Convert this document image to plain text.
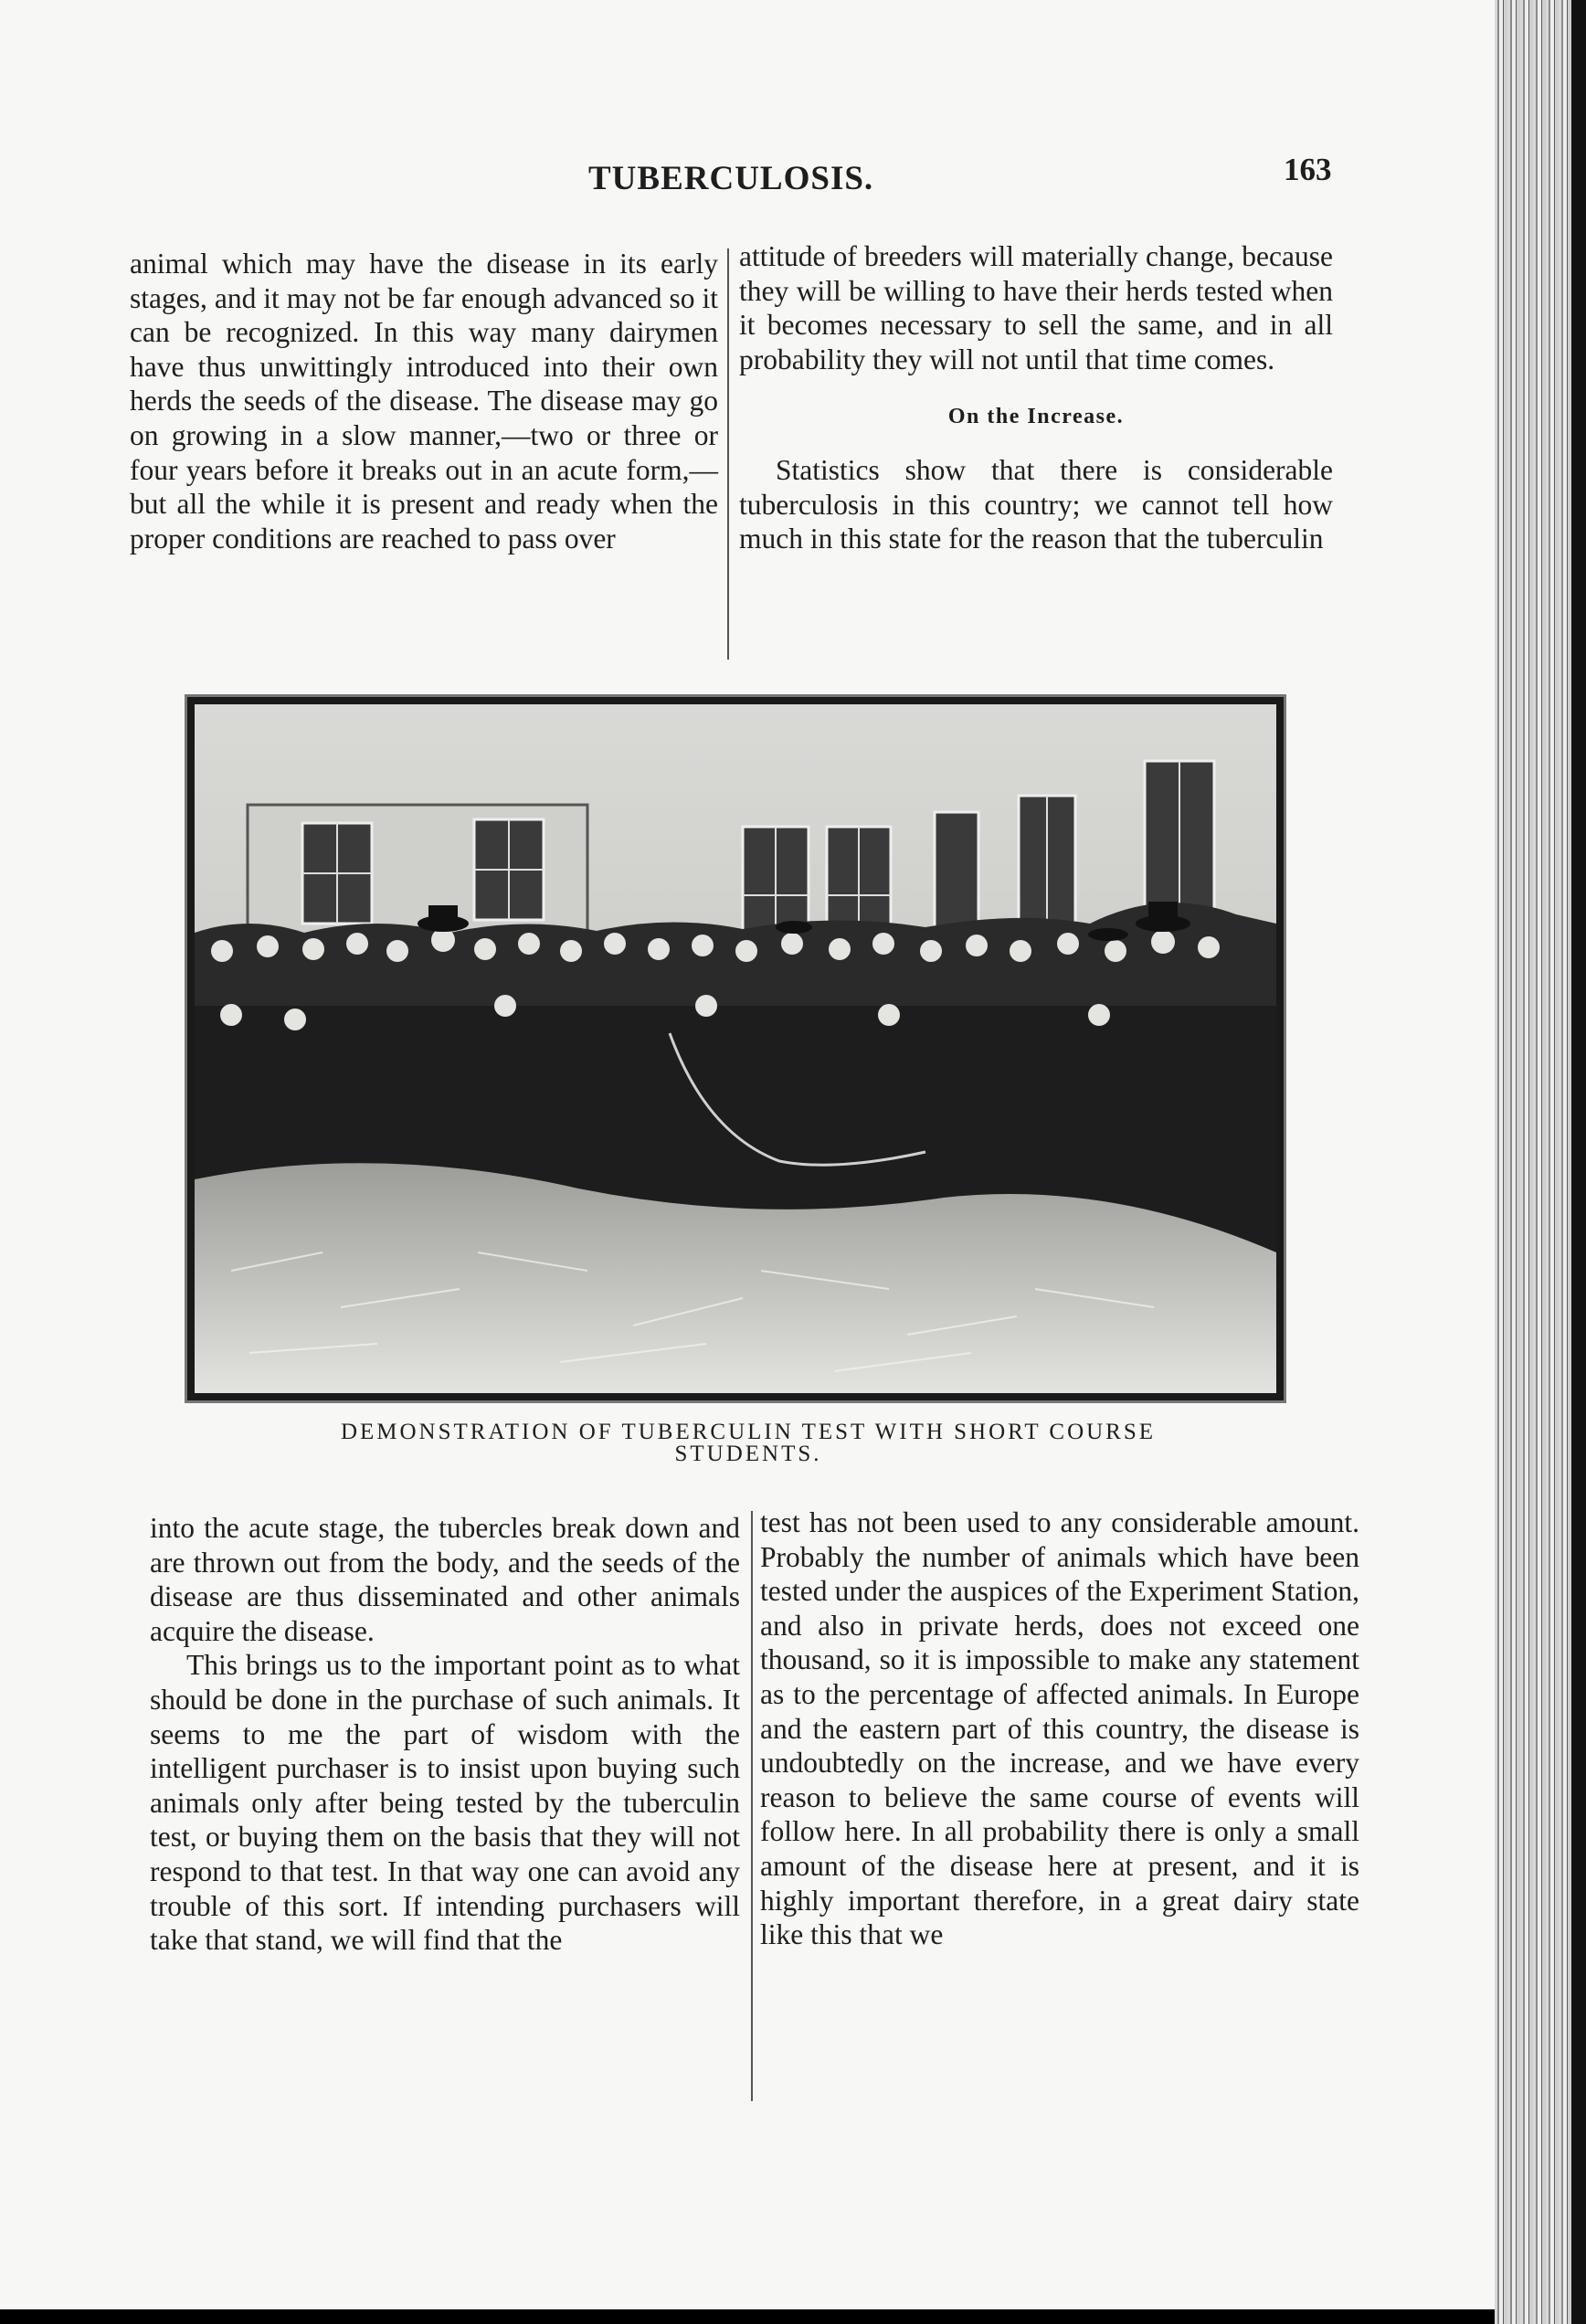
TUBERCULOSIS.	163

animal which may have the disease in its early stages, and it may not be far enough advanced so it can be recognized. In this way many dairymen have thus unwittingly introduced into their own herds the seeds of the disease. The disease may go on growing in a slow manner,—two or three or four years before it breaks out in an acute form,—but all the while it is present and ready when the proper conditions are reached to pass over

attitude of breeders will materially change, because they will be willing to have their herds tested when it becomes necessary to sell the same, and in all probability they will not until that time comes.

On the Increase.

Statistics show that there is considerable tuberculosis in this country; we cannot tell how much in this state for the reason that the tuberculin

DEMONSTRATION OF TUBERCULIN TEST WITH SHORT COURSE
STUDENTS.

into the acute stage, the tubercles break down and are thrown out from the body, and the seeds of the disease are thus disseminated and other animals acquire the disease.

This brings us to the important point as to what should be done in the purchase of such animals. It seems to me the part of wisdom with the intelligent purchaser is to insist upon buying such animals only after being tested by the tuberculin test, or buying them on the basis that they will not respond to that test. In that way one can avoid any trouble of this sort. If intending purchasers will take that stand, we will find that the

test has not been used to any considerable amount. Probably the number of animals which have been tested under the auspices of the Experiment Station, and also in private herds, does not exceed one thousand, so it is impossible to make any statement as to the percentage of affected animals. In Europe and the eastern part of this country, the disease is undoubtedly on the increase, and we have every reason to believe the same course of events will follow here. In all probability there is only a small amount of the disease here at present, and it is highly important therefore, in a great dairy state like this that we
